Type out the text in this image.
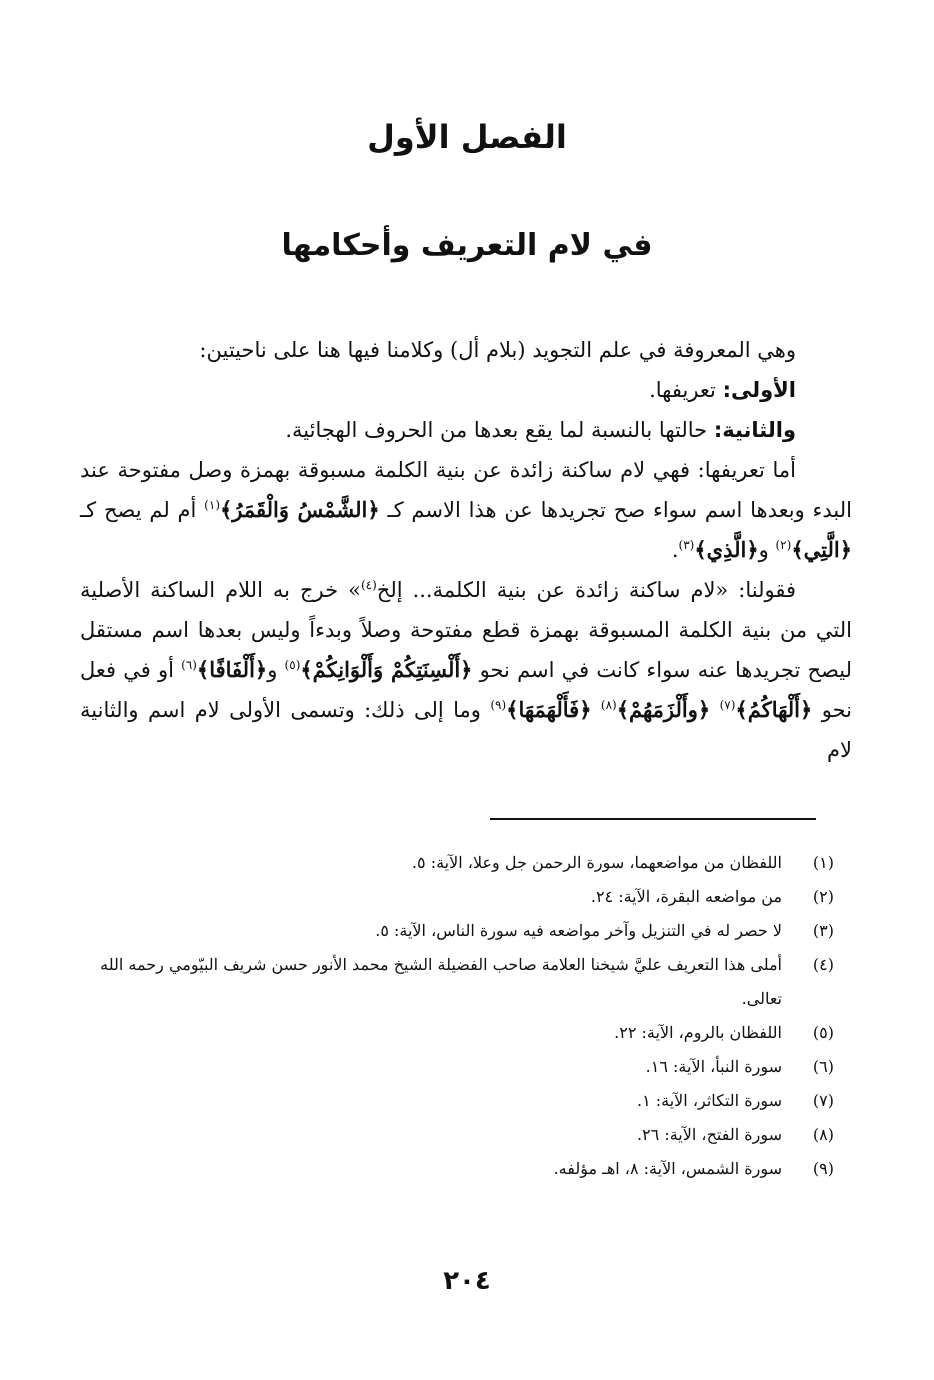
الفصل الأول
في لام التعريف وأحكامها

وهي المعروفة في علم التجويد (بلام أل) وكلامنا فيها هنا على ناحيتين:

الأولى: تعريفها.

والثانية: حالتها بالنسبة لما يقع بعدها من الحروف الهجائية.

أما تعريفها: فهي لام ساكنة زائدة عن بنية الكلمة مسبوقة بهمزة وصل مفتوحة عند البدء وبعدها اسم سواء صح تجريدها عن هذا الاسم كـ ﴿الشَّمْسُ وَالْقَمَرُ﴾$^{(١)}$ أم لم يصح كـ ﴿الَّتِي﴾$^{(٢)}$ و﴿الَّذِي﴾$^{(٣)}$.

فقولنا: «لام ساكنة زائدة عن بنية الكلمة... إلخ$^{(٤)}$» خرج به اللام الساكنة الأصلية التي من بنية الكلمة المسبوقة بهمزة قطع مفتوحة وصلاً وبدءاً وليس بعدها اسم مستقل ليصح تجريدها عنه سواء كانت في اسم نحو ﴿أَلْسِنَتِكُمْ وَأَلْوَانِكُمْ﴾$^{(٥)}$ و﴿أَلْفَافًا﴾$^{(٦)}$ أو في فعل نحو ﴿أَلْهَاكُمُ﴾$^{(٧)}$ ﴿وأَلْزَمَهُمْ﴾$^{(٨)}$ ﴿فَأَلْهَمَهَا﴾$^{(٩)}$ وما إلى ذلك: وتسمى الأولى لام اسم والثانية لام

(١)
اللفظان من مواضعهما، سورة الرحمن جل وعلا، الآية: ٥.
(٢)
من مواضعه البقرة، الآية: ٢٤.
(٣)
لا حصر له في التنزيل وآخر مواضعه فيه سورة الناس، الآية: ٥.
(٤)
أملى هذا التعريف عليَّ شيخنا العلامة صاحب الفضيلة الشيخ محمد الأنور حسن شريف البيّومي رحمه الله تعالى.
(٥)
اللفظان بالروم، الآية: ٢٢.
(٦)
سورة النبأ، الآية: ١٦.
(٧)
سورة التكاثر، الآية: ١.
(٨)
سورة الفتح، الآية: ٢٦.
(٩)
سورة الشمس، الآية: ٨، اهـ مؤلفه.
٢٠٤
